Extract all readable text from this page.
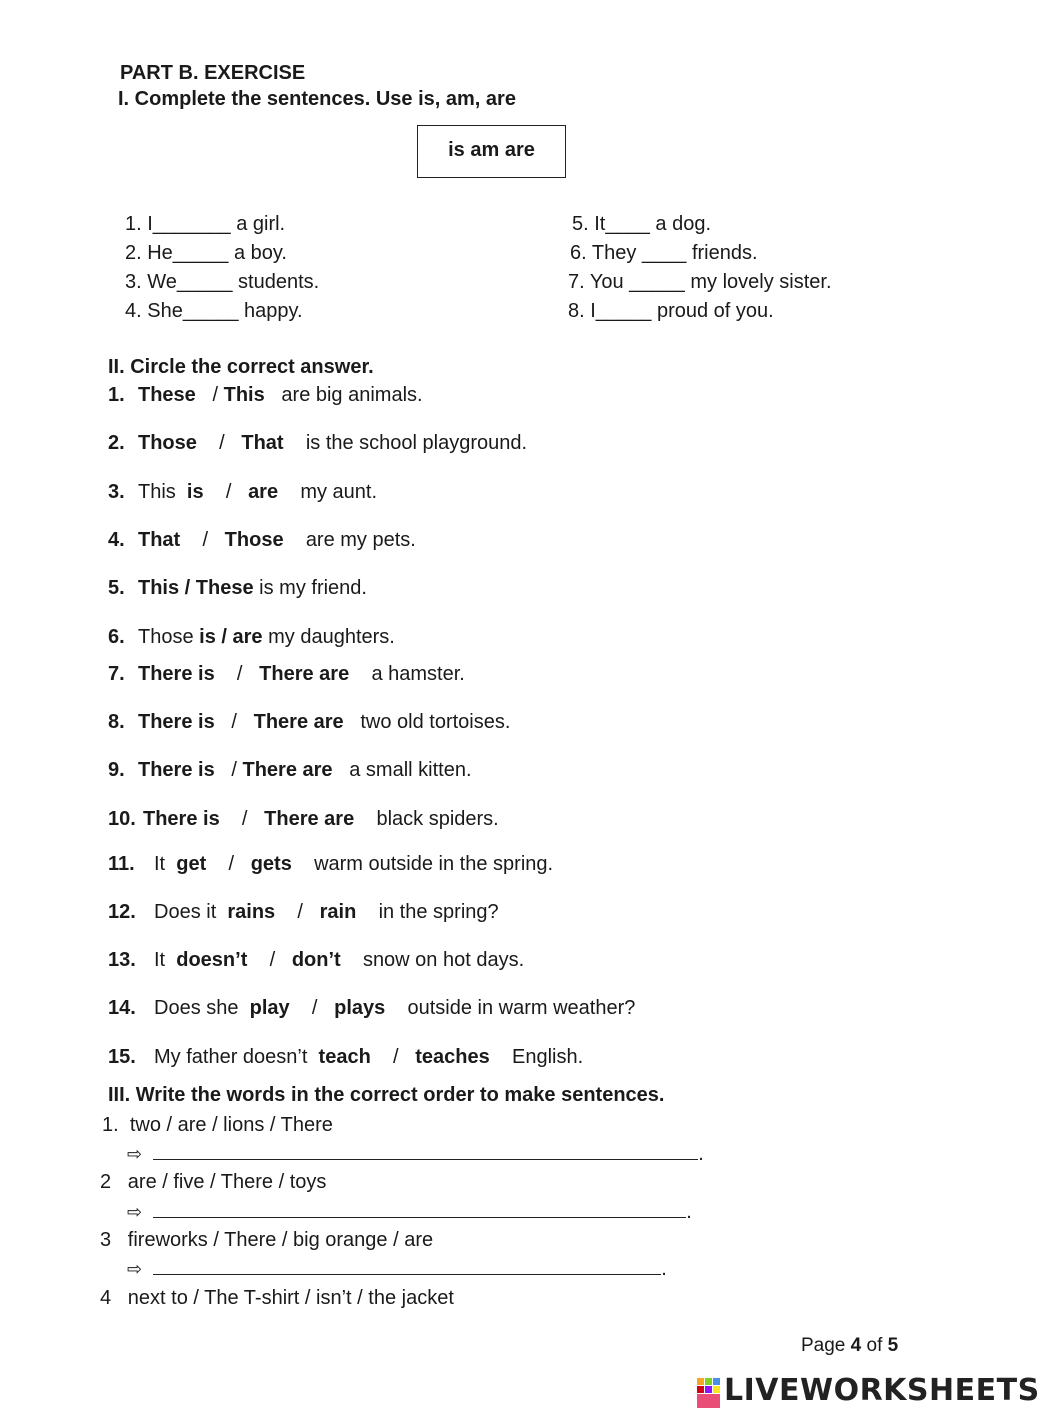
PART B. EXERCISE
I. Complete the sentences. Use is, am, are
is am are
1. I_______ a girl.
2. He_____ a boy.
3. We_____ students.
4. She_____ happy.
5. It____ a dog.
6. They ____ friends.
7. You _____ my lovely sister.
8. I_____ proud of you.
II. Circle the correct answer.
1. These   / This are big animals.
2. Those    /   That is the school playground.
3. This is    /   are my aunt.
4. That    /   Those are my pets.
5. This / These is my friend.
6. Those is / are my daughters.
7. There is    /   There are a hamster.
8. There is   /   There are two old tortoises.
9. There is   / There are a small kitten.
10. There is    /   There are black spiders.
11. It get    /   gets warm outside in the spring.
12. Does it rains    /   rain in the spring?
13. It doesn’t    /   don’t snow on hot days.
14. Does she play    /   plays outside in warm weather?
15. My father doesn’t teach    /   teaches English.
III. Write the words in the correct order to make sentences.
1. two / are / lions / There
⇨	.
2 are / five / There / toys
⇨	.
3 fireworks / There / big orange / are
⇨	.
4 next to / The T-shirt / isn’t / the jacket
Page 4 of 5
LIVEWORKSHEETS
